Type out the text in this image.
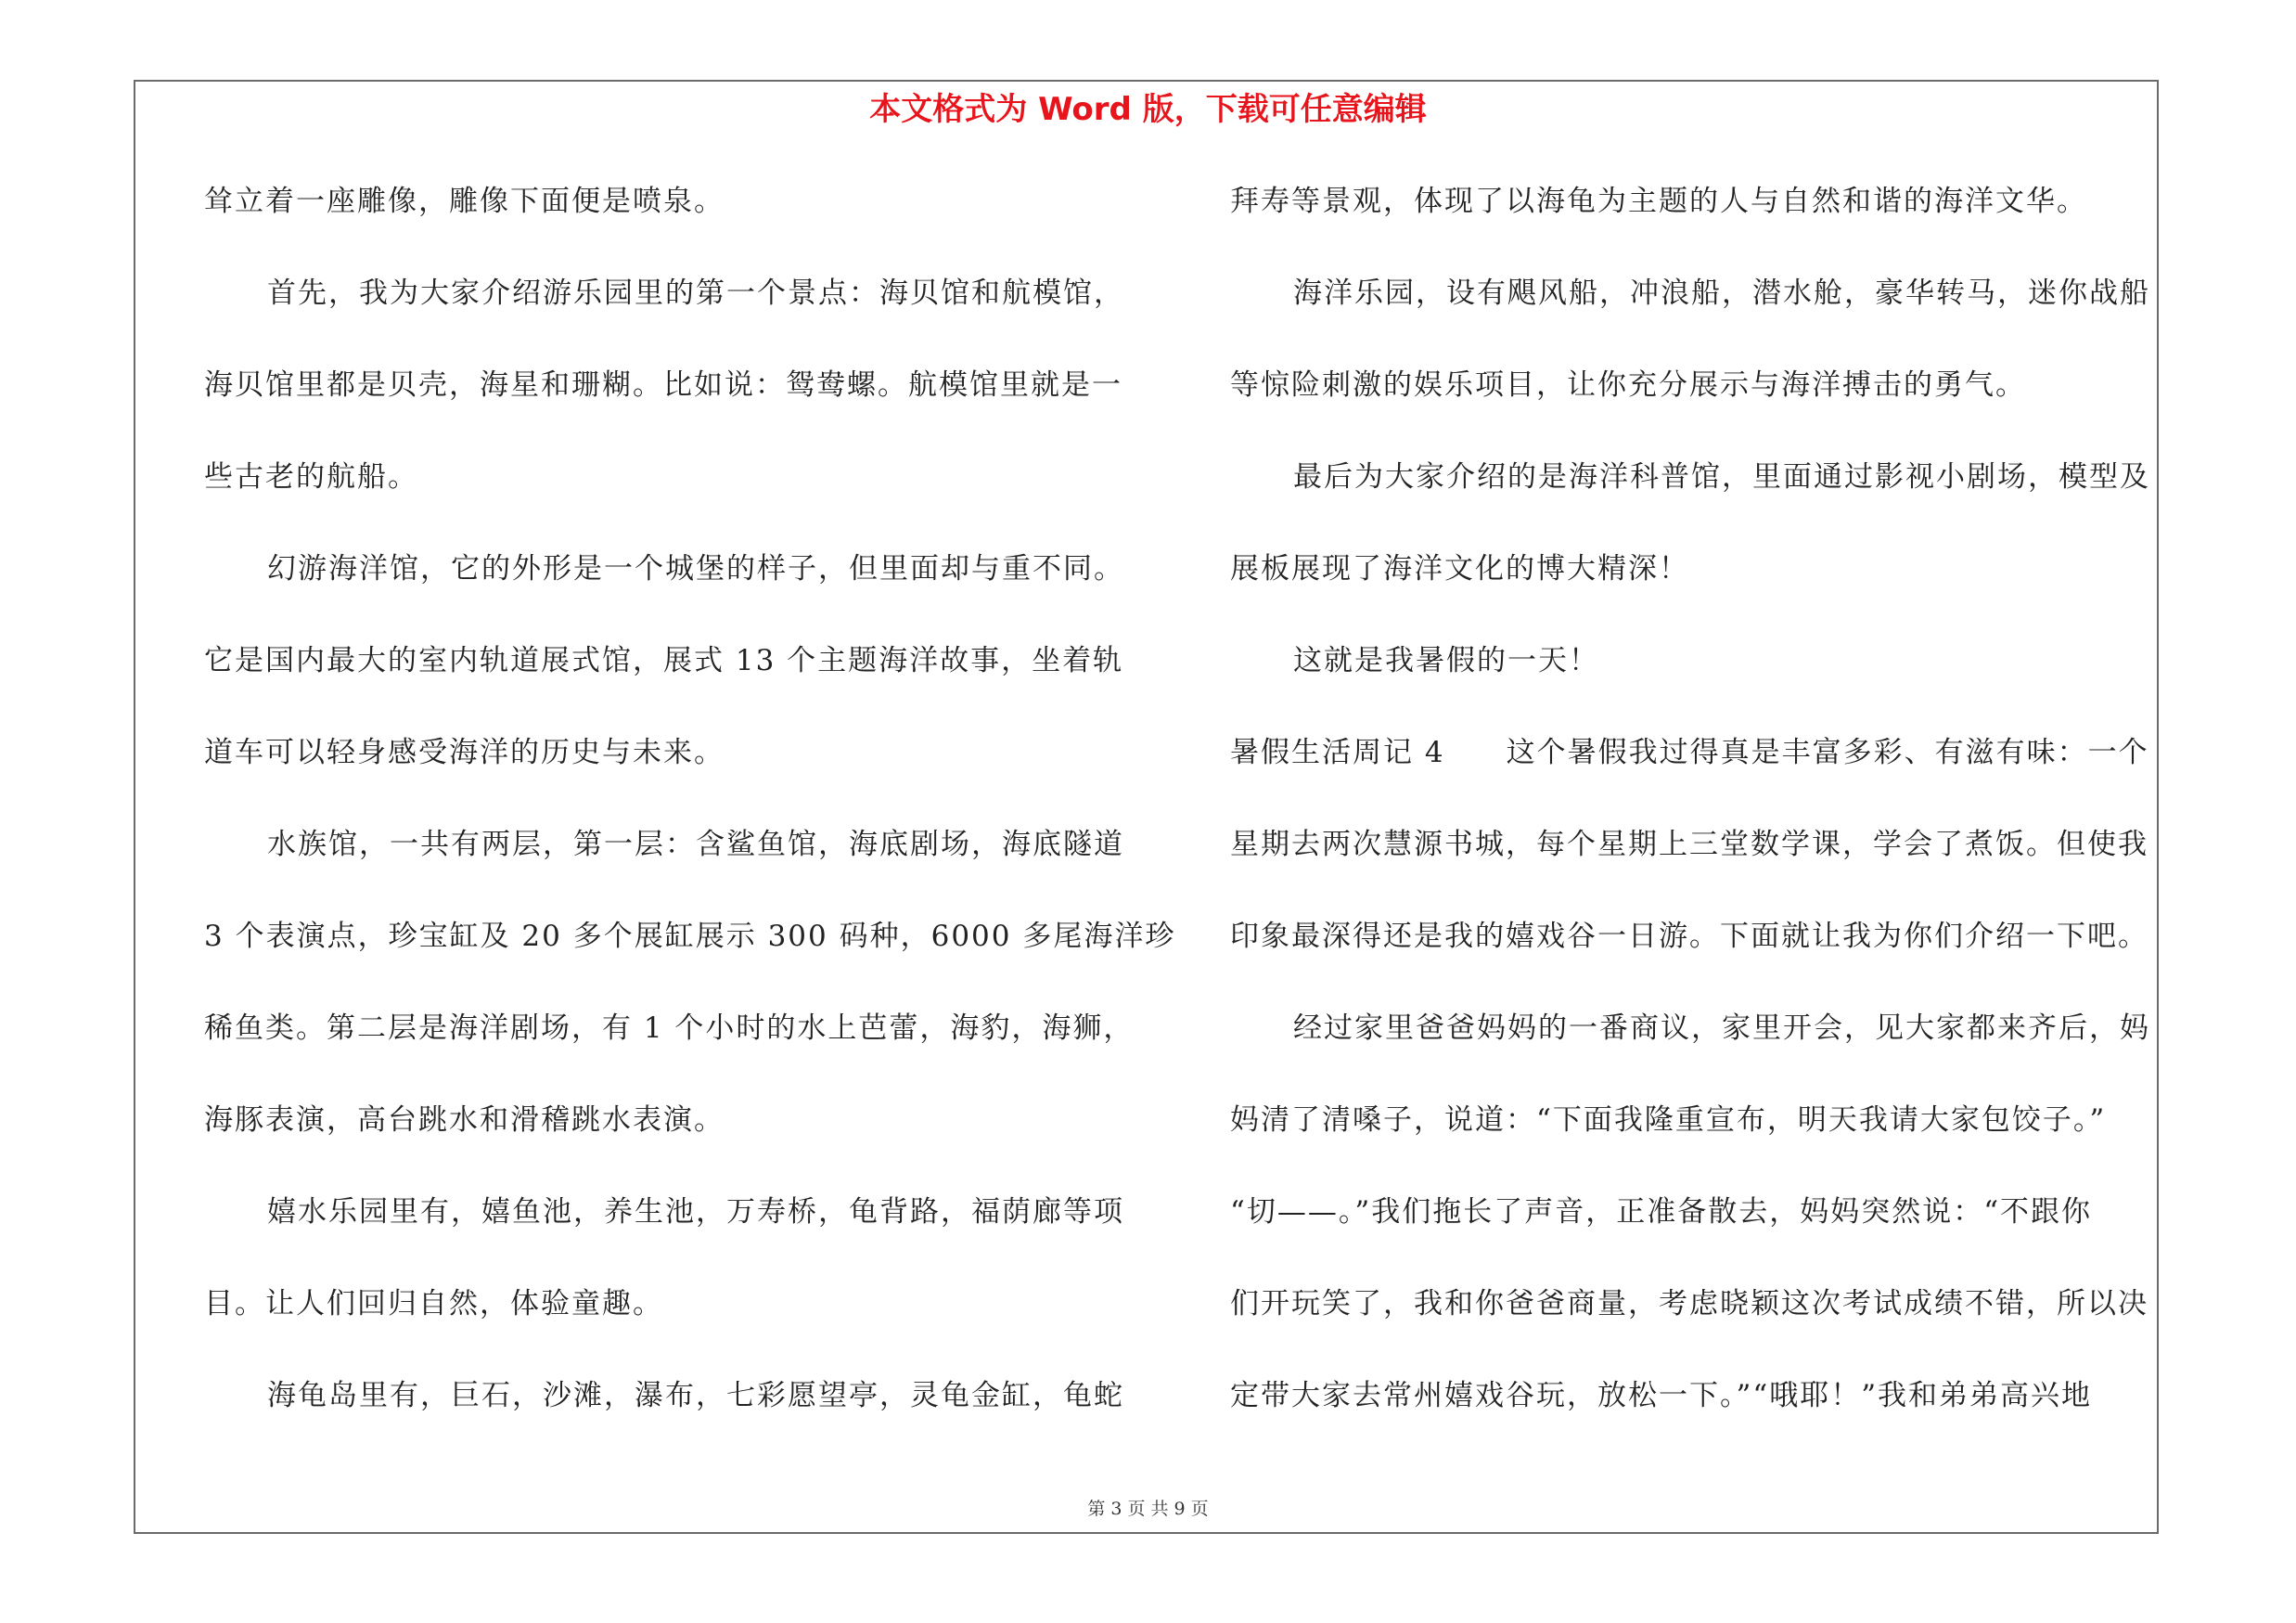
本文格式为 Word 版，下载可任意编辑
耸立着一座雕像，雕像下面便是喷泉。
首先，我为大家介绍游乐园里的第一个景点：海贝馆和航模馆，
海贝馆里都是贝壳，海星和珊糊。比如说：鸳鸯螺。航模馆里就是一
些古老的航船。
幻游海洋馆，它的外形是一个城堡的样子，但里面却与重不同。
它是国内最大的室内轨道展式馆，展式 13 个主题海洋故事，坐着轨
道车可以轻身感受海洋的历史与未来。
水族馆，一共有两层，第一层：含鲨鱼馆，海底剧场，海底隧道
3 个表演点，珍宝缸及 20 多个展缸展示 300 码种，6000 多尾海洋珍
稀鱼类。第二层是海洋剧场，有 1 个小时的水上芭蕾，海豹，海狮，
海豚表演，高台跳水和滑稽跳水表演。
嬉水乐园里有，嬉鱼池，养生池，万寿桥，龟背路，福荫廊等项
目。让人们回归自然，体验童趣。
海龟岛里有，巨石，沙滩，瀑布，七彩愿望亭，灵龟金缸，龟蛇
拜寿等景观，体现了以海龟为主题的人与自然和谐的海洋文华。
海洋乐园，设有飓风船，冲浪船，潜水舱，豪华转马，迷你战船
等惊险刺激的娱乐项目，让你充分展示与海洋搏击的勇气。
最后为大家介绍的是海洋科普馆，里面通过影视小剧场，模型及
展板展现了海洋文化的博大精深！
这就是我暑假的一天！
暑假生活周记 4　　这个暑假我过得真是丰富多彩、有滋有味：一个
星期去两次慧源书城，每个星期上三堂数学课，学会了煮饭。但使我
印象最深得还是我的嬉戏谷一日游。下面就让我为你们介绍一下吧。
经过家里爸爸妈妈的一番商议，家里开会，见大家都来齐后，妈
妈清了清嗓子，说道：“下面我隆重宣布，明天我请大家包饺子。”
“切——。”我们拖长了声音，正准备散去，妈妈突然说：“不跟你
们开玩笑了，我和你爸爸商量，考虑晓颖这次考试成绩不错，所以决
定带大家去常州嬉戏谷玩，放松一下。”“哦耶！”我和弟弟高兴地
第 3 页 共 9 页
